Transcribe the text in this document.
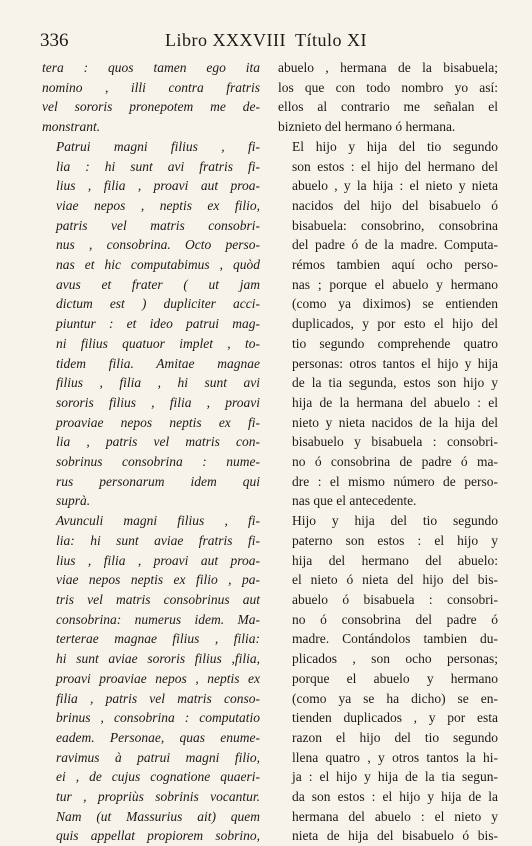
336	Libro XXXVIII Título XI

tera : quos tamen ego ita
nomino , illi contra fratris
vel sororis pronepotem me de-
monstrant.

Patrui magni filius , fi-
lia : hi sunt avi fratris fi-
lius , filia , proavi aut proa-
viae nepos , neptis ex filio,
patris vel matris consobri-
nus , consobrina. Octo perso-
nas et hic computabimus , quòd
avus et frater ( ut jam
dictum est ) dupliciter acci-
piuntur : et ideo patrui mag-
ni filius quatuor implet , to-
tidem filia. Amitae magnae
filius , filia , hi sunt avi
sororis filius , filia , proavi
proaviae nepos neptis ex fi-
lia , patris vel matris con-
sobrinus consobrina : nume-
rus personarum idem qui
suprà.

Avunculi magni filius , fi-
lia: hi sunt aviae fratris fi-
lius , filia , proavi aut proa-
viae nepos neptis ex filio , pa-
tris vel matris consobrinus aut
consobrina: numerus idem. Ma-
terterae magnae filius , filia:
hi sunt aviae sororis filius ,filia,
proavi proaviae nepos , neptis ex
filia , patris vel matris conso-
brinus , consobrina : computatio
eadem. Personae, quas enume-
ravimus à patrui magni filio,
ei , de cujus cognatione quaeri-
tur , propriùs sobrinis vocantur.
Nam (ut Massurius ait) quem
quis appellat propiorem sobrino,

abuelo , hermana de la bisabuela;
los que con todo nombro yo así:
ellos al contrario me señalan el
biznieto del hermano ó hermana.

El hijo y hija del tio segundo
son estos : el hijo del hermano del
abuelo , y la hija : el nieto y nieta
nacidos del hijo del bisabuelo ó
bisabuela: consobrino, consobrina
del padre ó de la madre. Computa-
rémos tambien aquí ocho perso-
nas ; porque el abuelo y hermano
(como ya diximos) se entienden
duplicados, y por esto el hijo del
tio segundo comprehende quatro
personas: otros tantos el hijo y hija
de la tia segunda, estos son hijo y
hija de la hermana del abuelo : el
nieto y nieta nacidos de la hija del
bisabuelo y bisabuela : consobri-
no ó consobrina de padre ó ma-
dre : el mismo número de perso-
nas que el antecedente.

Hijo y hija del tio segundo
paterno son estos : el hijo y
hija del hermano del abuelo:
el nieto ó nieta del hijo del bis-
abuelo ó bisabuela : consobri-
no ó consobrina del padre ó
madre. Contándolos tambien du-
plicados , son ocho personas;
porque el abuelo y hermano
(como ya se ha dicho) se en-
tienden duplicados , y por esta
razon el hijo del tio segundo
llena quatro , y otros tantos la hi-
ja : el hijo y hija de la tia segun-
da son estos : el hijo y hija de la
hermana del abuelo : el nieto y
nieta de hija del bisabuelo ó bis-
